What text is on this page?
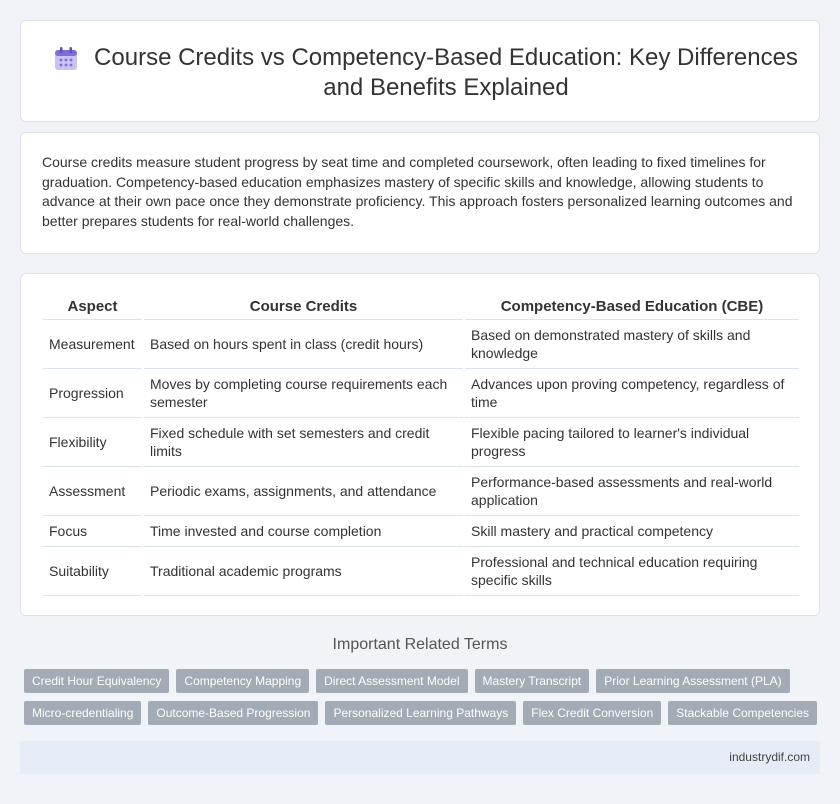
Course Credits vs Competency-Based Education: Key Differences and Benefits Explained

Course credits measure student progress by seat time and completed coursework, often leading to fixed timelines for graduation. Competency-based education emphasizes mastery of specific skills and knowledge, allowing students to advance at their own pace once they demonstrate proficiency. This approach fosters personalized learning outcomes and better prepares students for real-world challenges.

Aspect	Course Credits	Competency-Based Education (CBE)
Measurement	Based on hours spent in class (credit hours)	Based on demonstrated mastery of skills and knowledge
Progression	Moves by completing course requirements each semester	Advances upon proving competency, regardless of time
Flexibility	Fixed schedule with set semesters and credit limits	Flexible pacing tailored to learner's individual progress
Assessment	Periodic exams, assignments, and attendance	Performance-based assessments and real-world application
Focus	Time invested and course completion	Skill mastery and practical competency
Suitability	Traditional academic programs	Professional and technical education requiring specific skills
Important Related Terms
Credit Hour Equivalency Competency Mapping Direct Assessment Model Mastery Transcript Prior Learning Assessment (PLA)
Micro-credentialing Outcome-Based Progression Personalized Learning Pathways Flex Credit Conversion Stackable Competencies
industrydif.com
